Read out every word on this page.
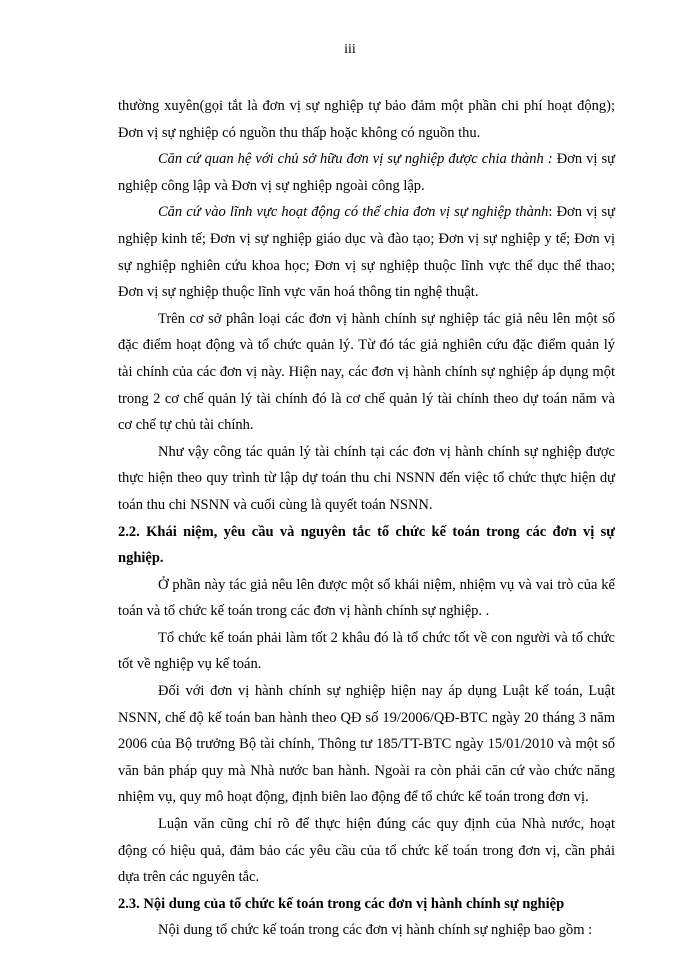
iii

thường xuyên(gọi tắt là đơn vị sự nghiệp tự bảo đảm một phần chi phí hoạt động); Đơn vị sự nghiệp có nguồn thu thấp hoặc không có nguồn thu.

Căn cứ quan hệ với chủ sở hữu đơn vị sự nghiệp được chia thành : Đơn vị sự nghiệp công lập và Đơn vị sự nghiệp ngoài công lập.

Căn cứ vào lĩnh vực hoạt động có thể chia đơn vị sự nghiệp thành: Đơn vị sự nghiệp kinh tế; Đơn vị sự nghiệp giáo dục và đào tạo; Đơn vị sự nghiệp y tế; Đơn vị sự nghiệp nghiên cứu khoa học; Đơn vị sự nghiệp thuộc lĩnh vực thể dục thể thao; Đơn vị sự nghiệp thuộc lĩnh vực văn hoá thông tin nghệ thuật.

Trên cơ sở phân loại các đơn vị hành chính sự nghiệp tác giả nêu lên một số đặc điểm hoạt động và tổ chức quản lý. Từ đó tác giả nghiên cứu đặc điểm quản lý tài chính của các đơn vị này. Hiện nay, các đơn vị hành chính sự nghiệp áp dụng một trong 2 cơ chế quản lý tài chính đó là cơ chế quản lý tài chính theo dự toán năm và cơ chế tự chủ tài chính.

Như vậy công tác quản lý tài chính tại các đơn vị hành chính sự nghiệp được thực hiện theo quy trình từ lập dự toán thu chi NSNN đến việc tổ chức thực hiện dự toán thu chi NSNN và cuối cùng là quyết toán NSNN.

2.2. Khái niệm, yêu cầu và nguyên tắc tổ chức kế toán trong các đơn vị sự nghiệp.

Ở phần này tác giả nêu lên được một số khái niệm, nhiệm vụ và vai trò của kế toán và tổ chức kế toán trong các đơn vị hành chính sự nghiệp. .

Tổ chức kế toán phải làm tốt 2 khâu đó là tổ chức tốt về con người và tổ chức tốt về nghiệp vụ kế toán.

Đối với đơn vị hành chính sự nghiệp hiện nay áp dụng Luật kế toán, Luật NSNN, chế độ kế toán ban hành theo QĐ số 19/2006/QĐ-BTC ngày 20 tháng 3 năm 2006 của Bộ trưởng Bộ tài chính, Thông tư 185/TT-BTC ngày 15/01/2010 và một số văn bản pháp quy mà Nhà nước ban hành. Ngoài ra còn phải căn cứ vào chức năng nhiệm vụ, quy mô hoạt động, định biên lao động để tổ chức kế toán trong đơn vị.

Luận văn cũng chỉ rõ để thực hiện đúng các quy định của Nhà nước, hoạt động có hiệu quả, đảm bảo các yêu cầu của tổ chức kế toán trong đơn vị, cần phải dựa trên các nguyên tắc.

2.3. Nội dung của tổ chức kế toán trong các đơn vị hành chính sự nghiệp

Nội dung tổ chức kế toán trong các đơn vị hành chính sự nghiệp bao gồm :
